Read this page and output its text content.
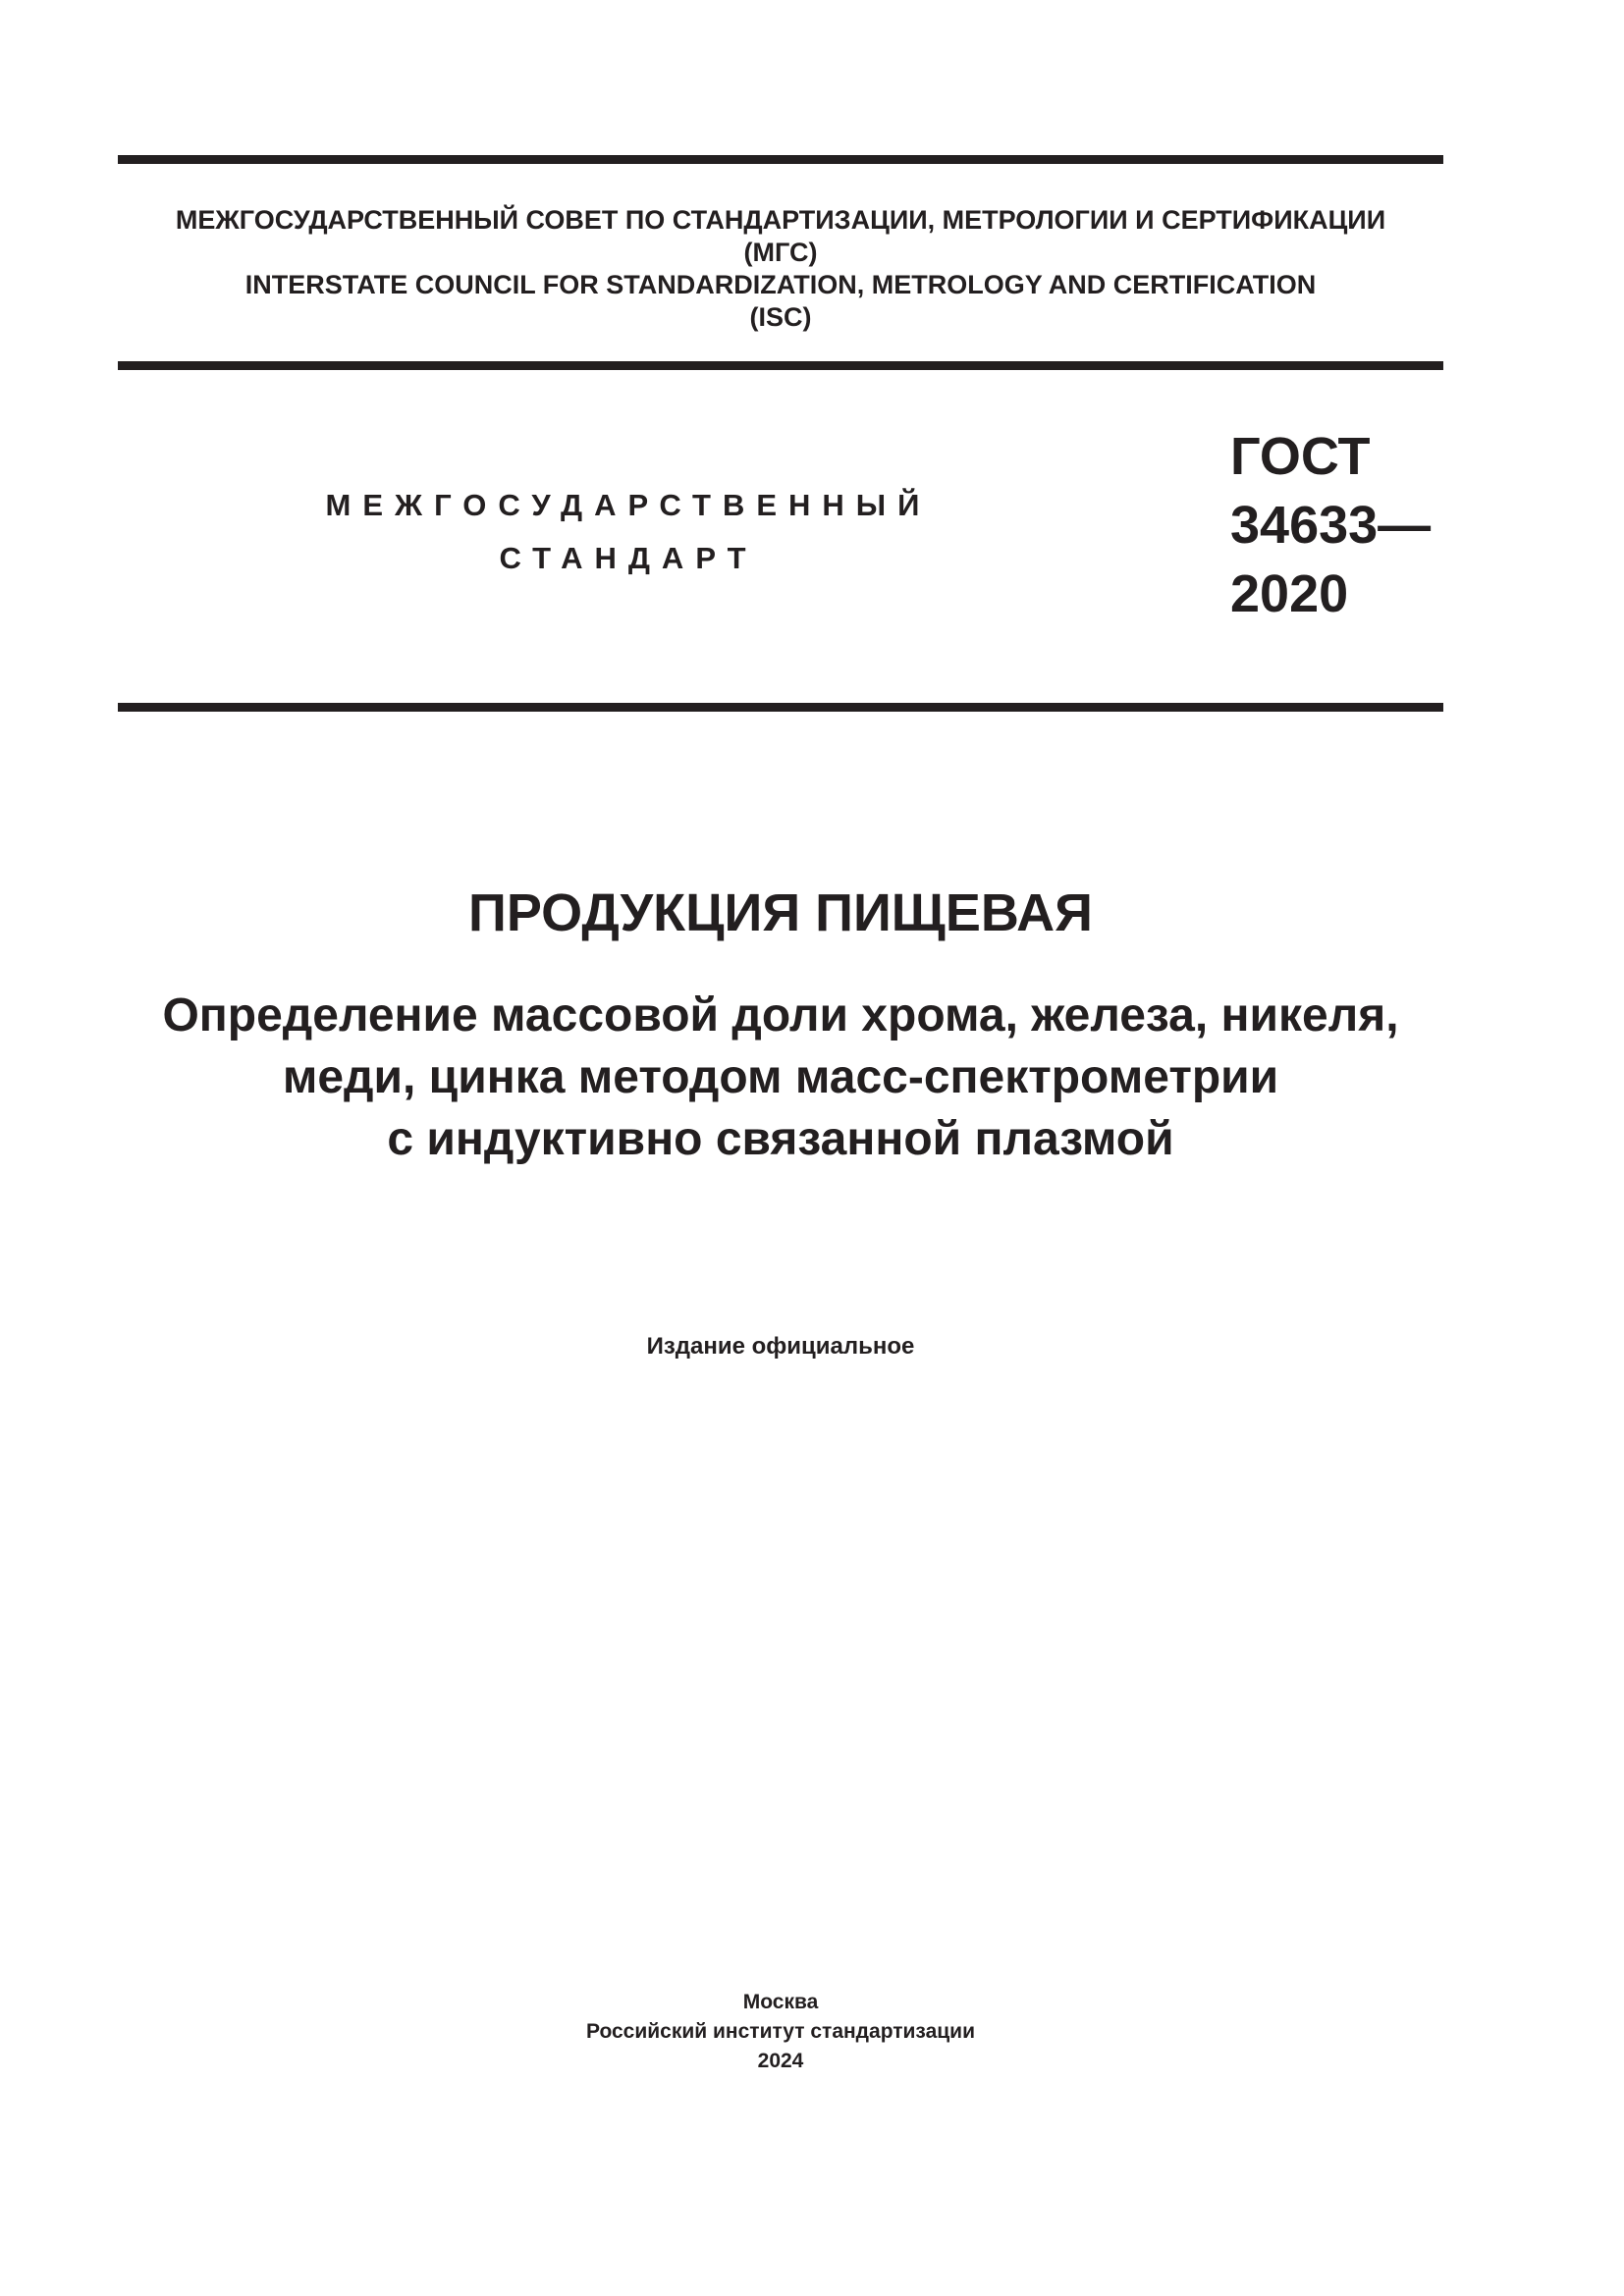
МЕЖГОСУДАРСТВЕННЫЙ СОВЕТ ПО СТАНДАРТИЗАЦИИ, МЕТРОЛОГИИ И СЕРТИФИКАЦИИ
(МГС)
INTERSTATE COUNCIL FOR STANDARDIZATION, METROLOGY AND CERTIFICATION
(ISC)
МЕЖГОСУДАРСТВЕННЫЙ
СТАНДАРТ
ГОСТ
34633—
2020
ПРОДУКЦИЯ ПИЩЕВАЯ
Определение массовой доли хрома, железа, никеля,
меди, цинка методом масс-спектрометрии
с индуктивно связанной плазмой
Издание официальное
Москва
Российский институт стандартизации
2024
